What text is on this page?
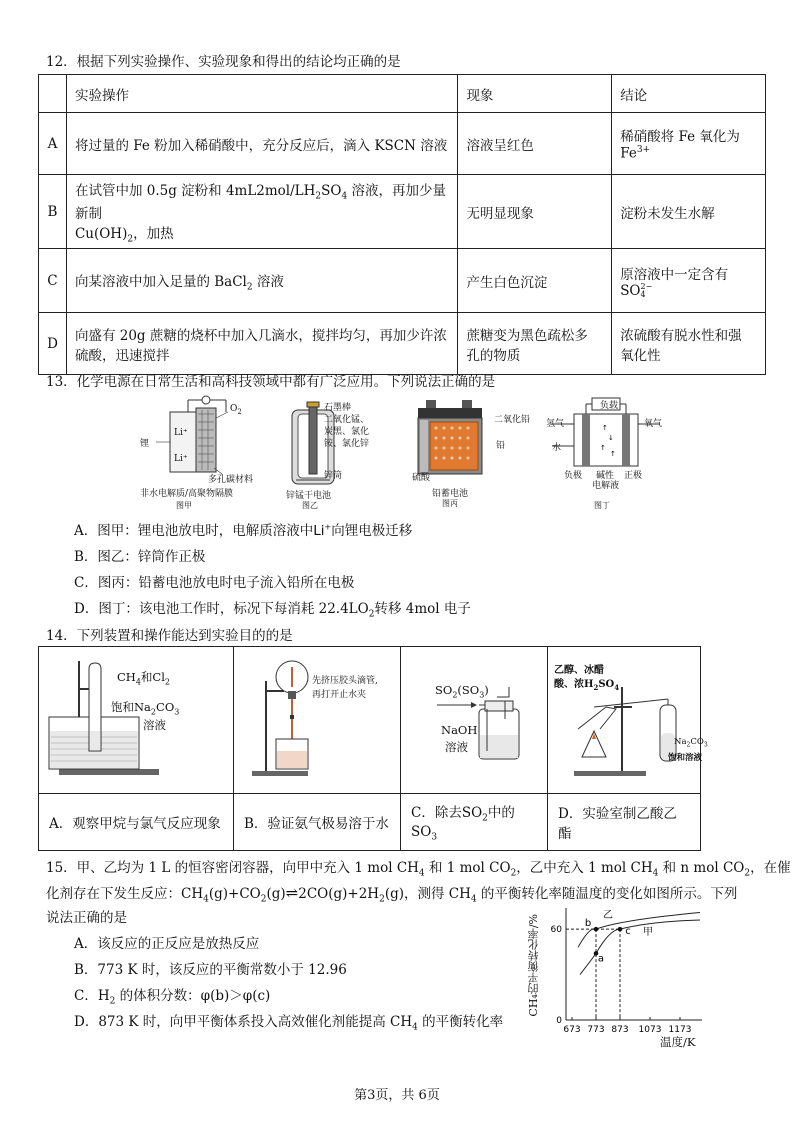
12．根据下列实验操作、实验现象和得出的结论均正确的是
	实验操作	现象	结论
A	将过量的 Fe 粉加入稀硝酸中，充分反应后，滴入 KSCN 溶液	溶液呈红色	稀硝酸将 Fe 氧化为
$Fe^{3+}$
B	在试管中加 0.5g 淀粉和 $4mL2mol/LH_2SO_4$ 溶液，再加少量新制
$Cu(OH)_2$，加热	无明显现象	淀粉未发生水解
C	向某溶液中加入足量的 BaCl$_2$ 溶液	产生白色沉淀	原溶液中一定含有
SO2−
4
D	向盛有 20g 蔗糖的烧杯中加入几滴水，搅拌均匀，再加少许浓
硫酸，迅速搅拌	蔗糖变为黑色疏松多
孔的物质	浓硫酸有脱水性和强
氧化性
13．化学电源在日常生活和高科技领域中都有广泛应用。下列说法正确的是
锂
Li⁺
Li⁺
$O_2$
多孔碳材料
非水电解质/高聚物隔膜
图甲
石墨棒
二氧化锰、
炭黑、氯化
铵、氯化锌
锌筒
锌锰干电池
图乙
二氧化铅
铅
硫酸
铅蓄电池
图丙
↑
↓
↑
↑
负载
氢气	氧气
水
负极 碱性
电解液
正极
图丁
A．图甲：锂电池放电时，电解质溶液中Li+向锂电极迁移
B．图乙：锌筒作正极
C．图丙：铅蓄电池放电时电子流入铅所在电极
D．图丁：该电池工作时，标况下每消耗 $22.4LO_2$转移 4mol 电子
14．下列装置和操作能达到实验目的的是
$CH_4$和$Cl_2$
饱和$Na_2CO_3$
溶液	先挤压胶头滴管,
再打开止水夹	$SO_2(SO_3)$
NaOH
溶液	乙醇、冰醋
酸、浓$H_2SO_4$
$Na_2CO_3$
饱和溶液

A．观察甲烷与氯气反应现象	B．验证氨气极易溶于水	C．除去$SO_2$中的$SO_3$	D．实验室制乙酸乙酯
15．甲、乙均为 1 L 的恒容密闭容器，向甲中充入 1 mol $CH_4$ 和 1 mol $CO_2$，乙中充入 1 mol $CH_4$ 和 n mol $CO_2$，在催
化剂存在下发生反应：$CH_4(g)+CO_2(g)\rightleftharpoons 2CO(g)+2H_2(g)$，测得 $CH_4$ 的平衡转化率随温度的变化如图所示。下列
说法正确的是
A．该反应的正反应是放热反应
B．773 K 时，该反应的平衡常数小于 12.96
C．$H_2$ 的体积分数：φ(b)＞φ(c)
D．873 K 时，向甲平衡体系投入高效催化剂能提高 $CH_4$ 的平衡转化率	673 773 873 1073 1173
0
60
b
c
a
乙
甲
CH₄的平衡转化率/%
温度/K
第3页，共 6页
